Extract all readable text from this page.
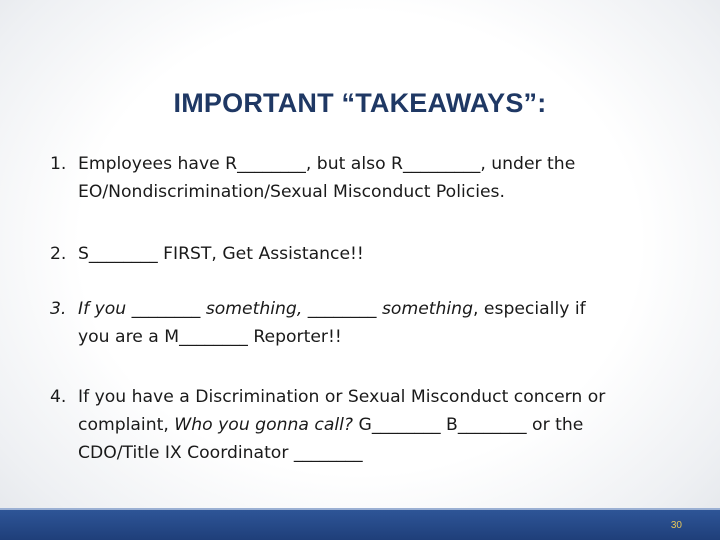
IMPORTANT “TAKEAWAYS”:
1. Employees have R________, but also R_________, under the
EO/Nondiscrimination/Sexual Misconduct Policies.
2. S________ FIRST, Get Assistance!!
3. If you ________ something, ________ something, especially if
you are a M________ Reporter!!
4. If you have a Discrimination or Sexual Misconduct concern or
complaint, Who you gonna call? G________ B________ or the
CDO/Title IX Coordinator ________
30
